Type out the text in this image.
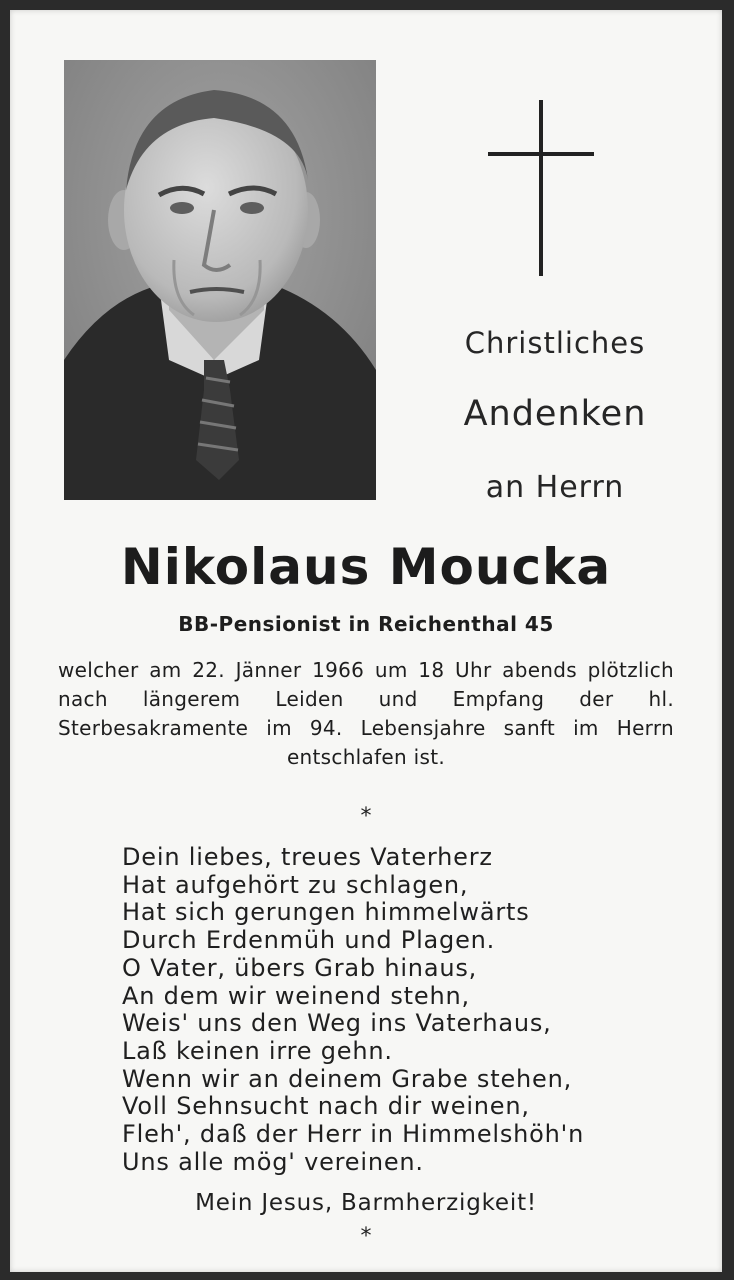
Christliches
Andenken
an Herrn
Nikolaus Moucka
BB-Pensionist in Reichenthal 45
welcher am 22. Jänner 1966 um 18 Uhr abends plötzlich nach längerem Leiden und Empfang der hl. Sterbesakramente im 94. Lebensjahre sanft im Herrn entschlafen ist.
*
Dein liebes, treues Vaterherz
Hat aufgehört zu schlagen,
Hat sich gerungen himmelwärts
Durch Erdenmüh und Plagen.
O Vater, übers Grab hinaus,
An dem wir weinend stehn,
Weis' uns den Weg ins Vaterhaus,
Laß keinen irre gehn.
Wenn wir an deinem Grabe stehen,
Voll Sehnsucht nach dir weinen,
Fleh', daß der Herr in Himmelshöh'n
Uns alle mög' vereinen.
Mein Jesus, Barmherzigkeit!
*
